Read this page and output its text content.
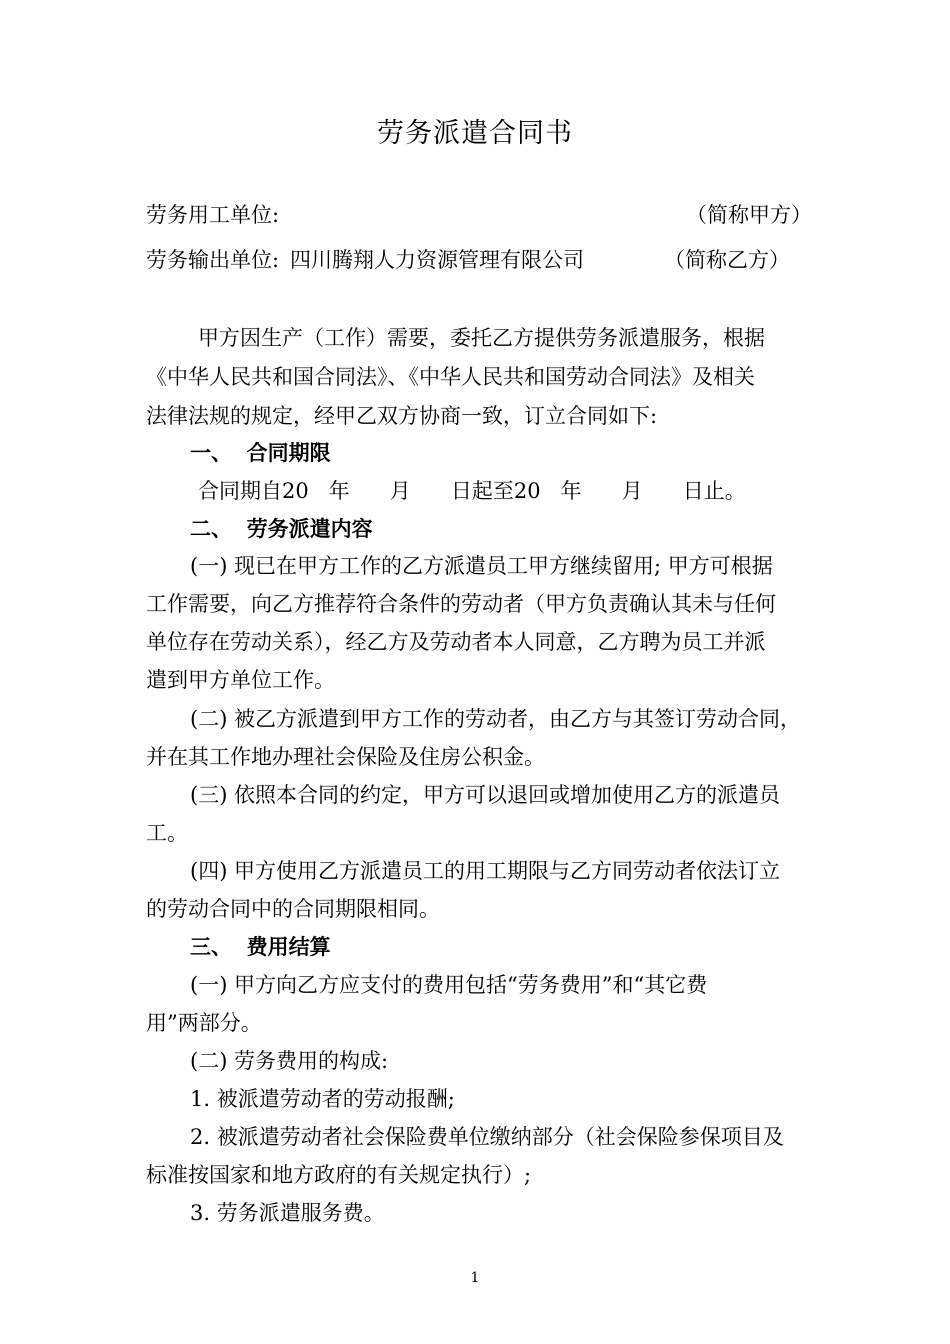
劳务派遣合同书
劳务用工单位:	（简称甲方）
劳务输出单位: 四川腾翔人力资源管理有限公司	（简称乙方）
甲方因生产（工作）需要，委托乙方提供劳务派遣服务，根据
《中华人民共和国合同法》、《中华人民共和国劳动合同法》及相关
法律法规的规定，经甲乙双方协商一致，订立合同如下:
一、  合同期限
合同期自20   年      月      日起至20   年      月      日止。
二、  劳务派遣内容
(一) 现已在甲方工作的乙方派遣员工甲方继续留用; 甲方可根据
工作需要，向乙方推荐符合条件的劳动者（甲方负责确认其未与任何
单位存在劳动关系），经乙方及劳动者本人同意，乙方聘为员工并派
遣到甲方单位工作。
(二) 被乙方派遣到甲方工作的劳动者，由乙方与其签订劳动合同，
并在其工作地办理社会保险及住房公积金。
(三) 依照本合同的约定，甲方可以退回或增加使用乙方的派遣员
工。
(四) 甲方使用乙方派遣员工的用工期限与乙方同劳动者依法订立
的劳动合同中的合同期限相同。
三、  费用结算
(一) 甲方向乙方应支付的费用包括“劳务费用”和“其它费
用”两部分。
(二) 劳务费用的构成:
1. 被派遣劳动者的劳动报酬;
2. 被派遣劳动者社会保险费单位缴纳部分（社会保险参保项目及
标准按国家和地方政府的有关规定执行）;
3. 劳务派遣服务费。
1
